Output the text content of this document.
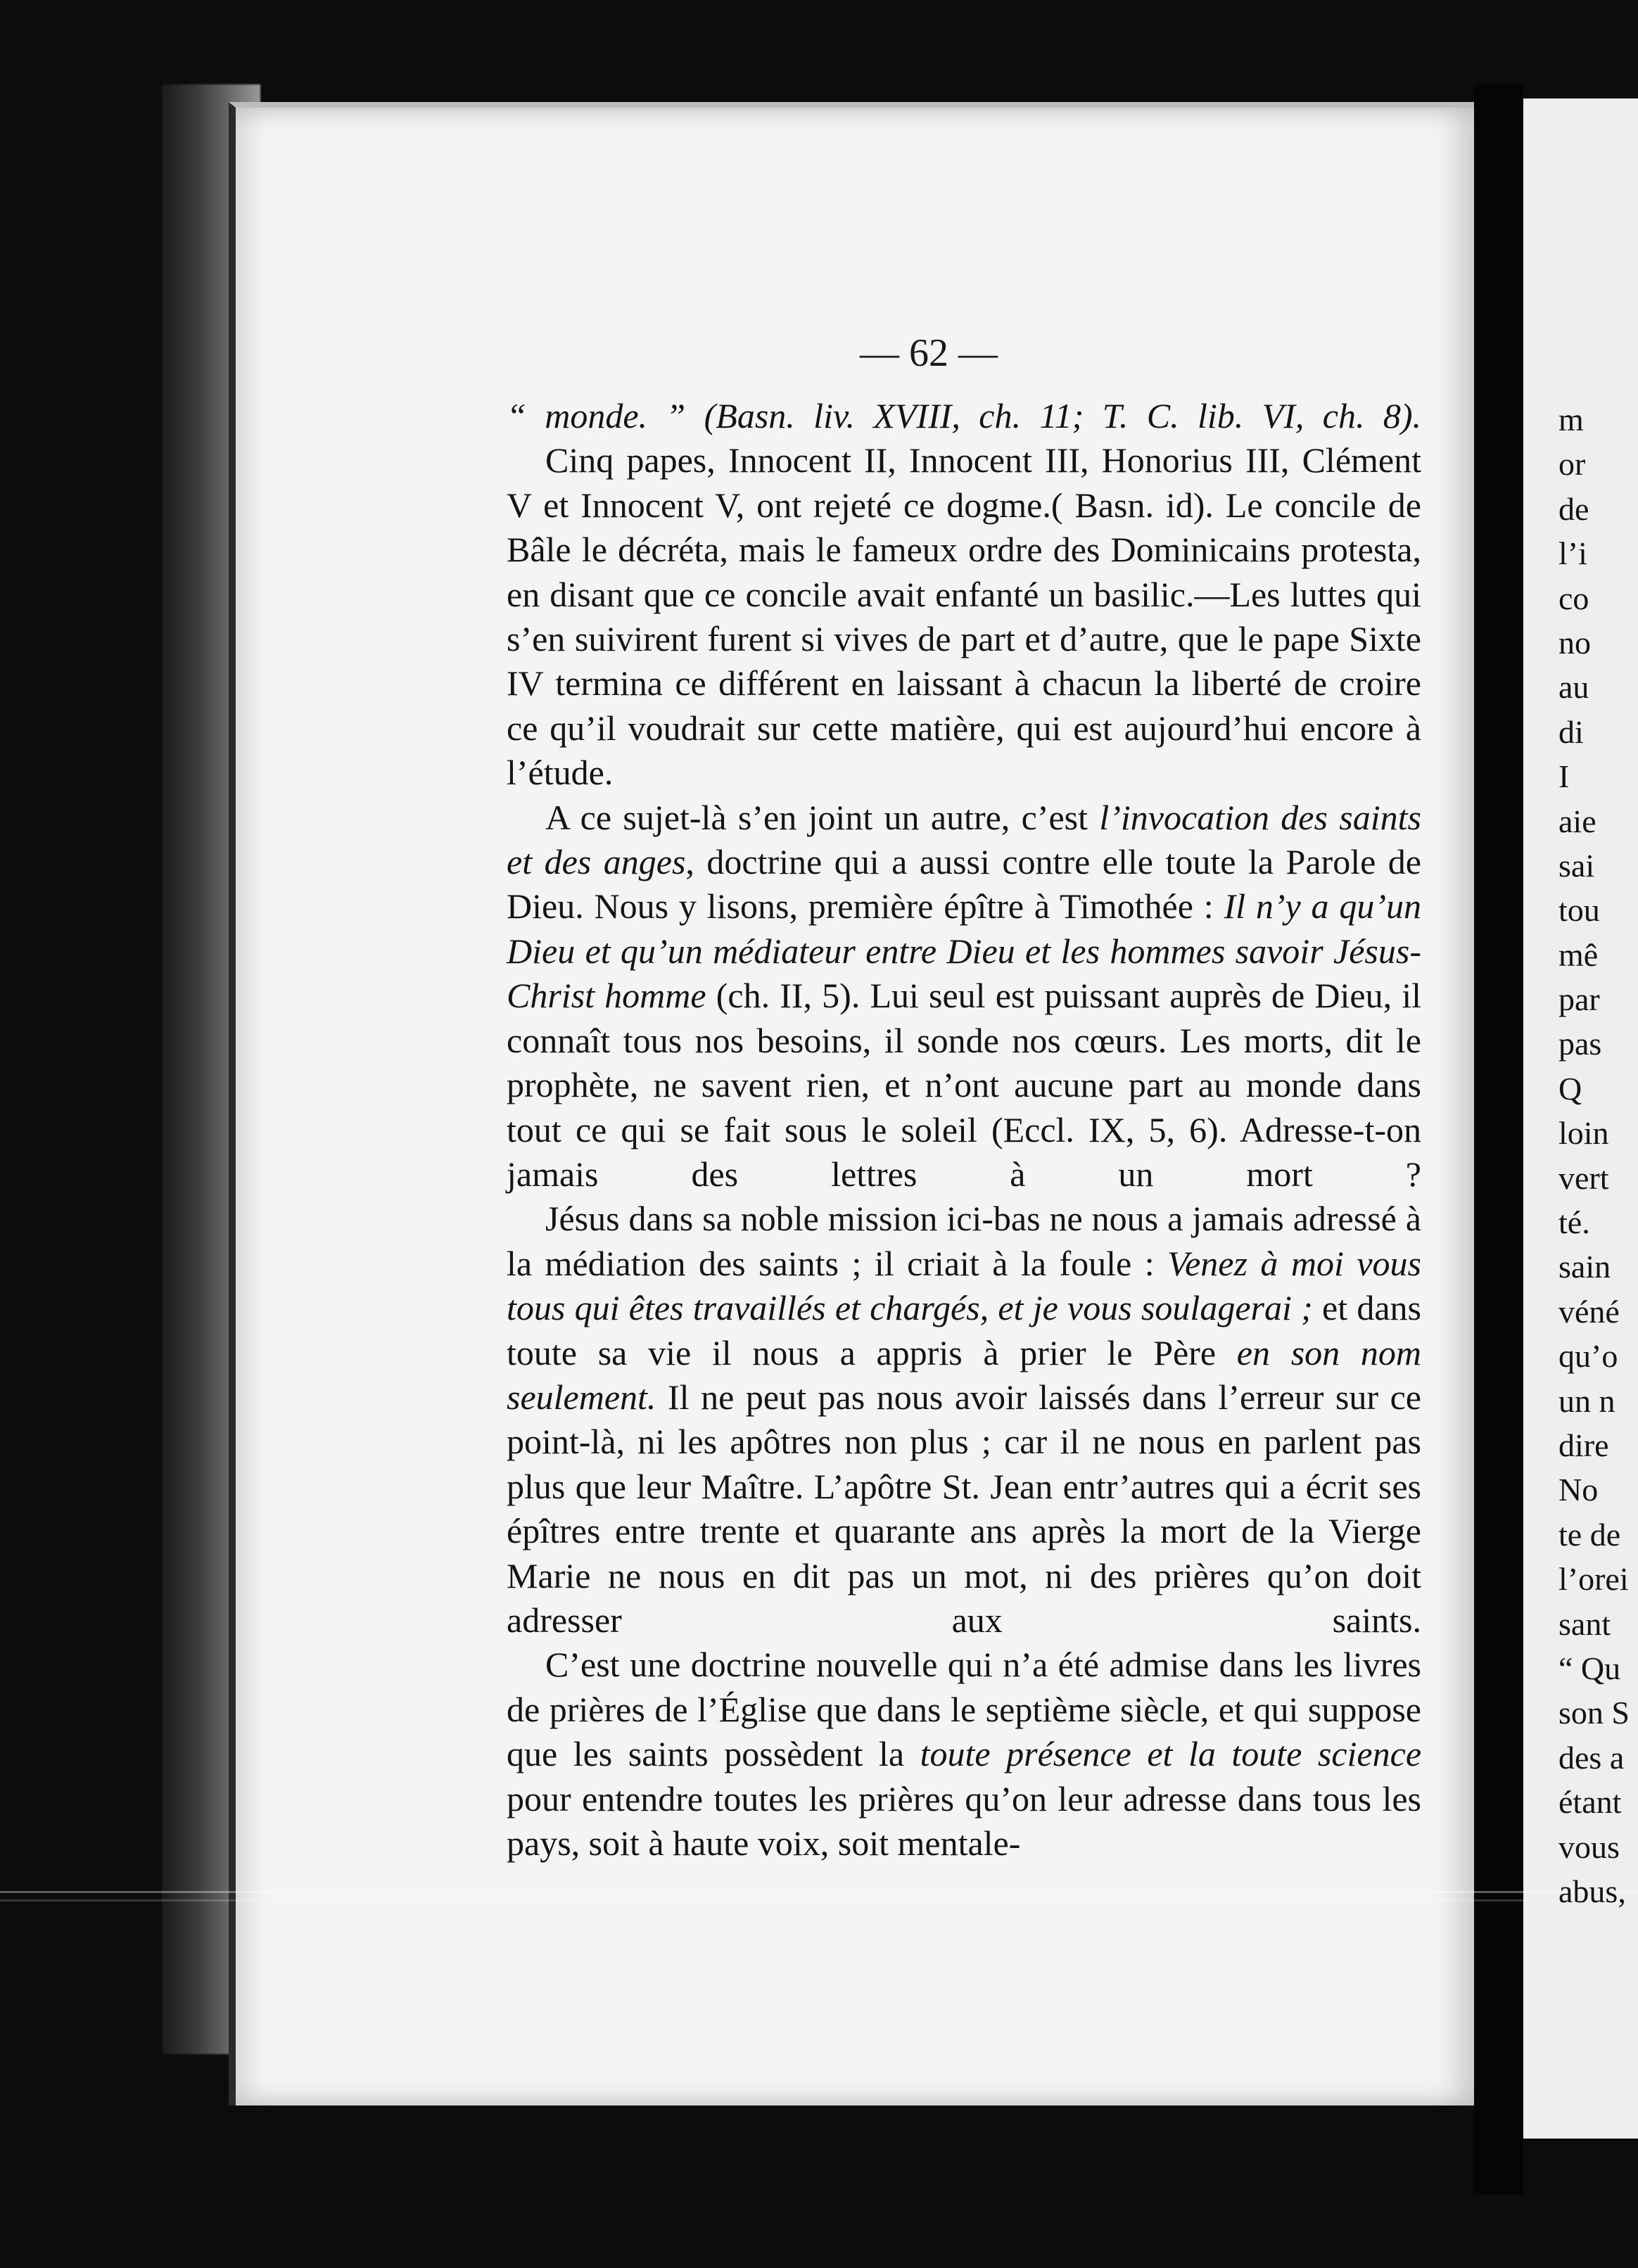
— 62 —

“ monde. ” (Basn. liv. XVIII, ch. 11; T. C. lib. VI, ch. 8).

Cinq papes, Innocent II, Innocent III, Honorius III, Clément V et Innocent V, ont rejeté ce dogme.( Basn. id). Le concile de Bâle le décréta, mais le fameux ordre des Dominicains protesta, en disant que ce concile avait enfanté un basilic.—Les luttes qui s’en suivirent furent si vives de part et d’autre, que le pape Sixte IV termina ce différent en laissant à chacun la liberté de croire ce qu’il voudrait sur cette matière, qui est aujourd’hui encore à l’étude.

A ce sujet-là s’en joint un autre, c’est l’invocation des saints et des anges, doctrine qui a aussi contre elle toute la Parole de Dieu. Nous y lisons, première épître à Timothée : Il n’y a qu’un Dieu et qu’un médiateur entre Dieu et les hommes savoir Jésus-Christ homme (ch. II, 5). Lui seul est puissant auprès de Dieu, il connaît tous nos besoins, il sonde nos cœurs. Les morts, dit le prophète, ne savent rien, et n’ont aucune part au monde dans tout ce qui se fait sous le soleil (Eccl. IX, 5, 6). Adresse-t-on jamais des lettres à un mort ?

Jésus dans sa noble mission ici-bas ne nous a jamais adressé à la médiation des saints ; il criait à la foule : Venez à moi vous tous qui êtes travaillés et chargés, et je vous soulagerai ; et dans toute sa vie il nous a appris à prier le Père en son nom seulement. Il ne peut pas nous avoir laissés dans l’erreur sur ce point-là, ni les apôtres non plus ; car il ne nous en parlent pas plus que leur Maître. L’apôtre St. Jean entr’autres qui a écrit ses épîtres entre trente et quarante ans après la mort de la Vierge Marie ne nous en dit pas un mot, ni des prières qu’on doit adresser aux saints.

C’est une doctrine nouvelle qui n’a été admise dans les livres de prières de l’Église que dans le septième siècle, et qui suppose que les saints possèdent la toute présence et la toute science pour entendre toutes les prières qu’on leur adresse dans tous les pays, soit à haute voix, soit mentale-

m
or
de
l’i
co
no
au
di
I
aie
sai
tou
mê
par
pas
Q
loin
vert
té.
sain
véné
qu’o
un n
dire
No
te de
l’orei
sant
“ Qu
son S
des a
étant
vous
abus,
